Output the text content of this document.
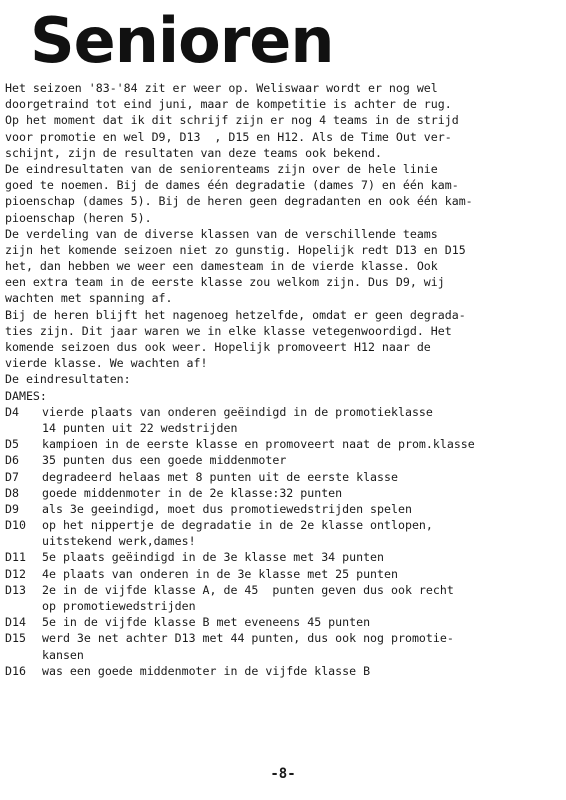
Senioren
Het seizoen '83-'84 zit er weer op. Weliswaar wordt er nog wel
doorgetraind tot eind juni, maar de kompetitie is achter de rug.
Op het moment dat ik dit schrijf zijn er nog 4 teams in de strijd
voor promotie en wel D9, D13  , D15 en H12. Als de Time Out ver-
schijnt, zijn de resultaten van deze teams ook bekend.
De eindresultaten van de seniorenteams zijn over de hele linie
goed te noemen. Bij de dames één degradatie (dames 7) en één kam-
pioenschap (dames 5). Bij de heren geen degradanten en ook één kam-
pioenschap (heren 5).
De verdeling van de diverse klassen van de verschillende teams
zijn het komende seizoen niet zo gunstig. Hopelijk redt D13 en D15
het, dan hebben we weer een damesteam in de vierde klasse. Ook
een extra team in de eerste klasse zou welkom zijn. Dus D9, wij
wachten met spanning af.
Bij de heren blijft het nagenoeg hetzelfde, omdat er geen degrada-
ties zijn. Dit jaar waren we in elke klasse vetegenwoordigd. Het
komende seizoen dus ook weer. Hopelijk promoveert H12 naar de
vierde klasse. We wachten af!
De eindresultaten:
DAMES:
D4 vierde plaats van onderen geëindigd in de promotieklasse
14 punten uit 22 wedstrijden
D5 kampioen in de eerste klasse en promoveert naat de prom.klasse
D6 35 punten dus een goede middenmoter
D7 degradeerd helaas met 8 punten uit de eerste klasse
D8 goede middenmoter in de 2e klasse:32 punten
D9 als 3e geeindigd, moet dus promotiewedstrijden spelen
D10 op het nippertje de degradatie in de 2e klasse ontlopen,
uitstekend werk,dames!
D11 5e plaats geëindigd in de 3e klasse met 34 punten
D12 4e plaats van onderen in de 3e klasse met 25 punten
D13 2e in de vijfde klasse A, de 45  punten geven dus ook recht
op promotiewedstrijden
D14 5e in de vijfde klasse B met eveneens 45 punten
D15 werd 3e net achter D13 met 44 punten, dus ook nog promotie-
kansen
D16 was een goede middenmoter in de vijfde klasse B
-8-
